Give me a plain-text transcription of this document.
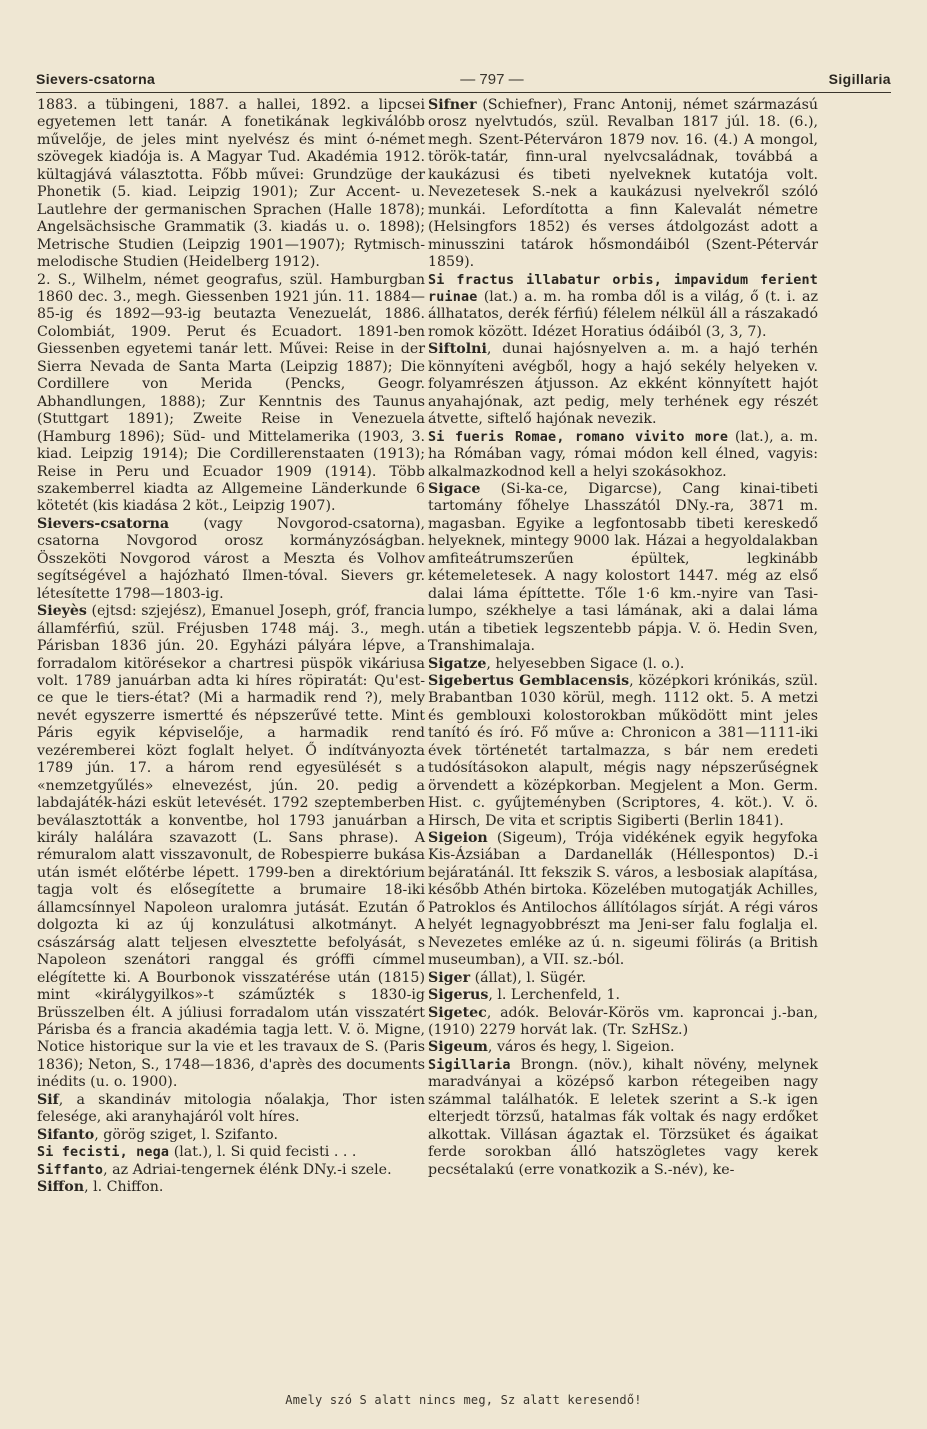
Sievers-csatorna	— 797 —	Sigillaria

1883. a tübingeni, 1887. a hallei, 1892. a lipcsei egyetemen lett tanár. A fonetikának legkiválóbb művelője, de jeles mint nyelvész és mint ó-német szövegek kiadója is. A Magyar Tud. Akadémia 1912. kültagjává választotta. Főbb művei: Grundzüge der Phonetik (5. kiad. Leipzig 1901); Zur Accent- u. Lautlehre der germanischen Sprachen (Halle 1878); Angelsächsische Grammatik (3. kiadás u. o. 1898); Metrische Studien (Leipzig 1901—1907); Rytmisch-melodische Studien (Heidelberg 1912).

2. S., Wilhelm, német geografus, szül. Hamburgban 1860 dec. 3., megh. Giessenben 1921 jún. 11. 1884—85-ig és 1892—93-ig beutazta Venezuelát, 1886. Colombiát, 1909. Perut és Ecuadort. 1891-ben Giessenben egyetemi tanár lett. Művei: Reise in der Sierra Nevada de Santa Marta (Leipzig 1887); Die Cordillere von Merida (Pencks, Geogr. Abhandlungen, 1888); Zur Kenntnis des Taunus (Stuttgart 1891); Zweite Reise in Venezuela (Hamburg 1896); Süd- und Mittelamerika (1903, 3. kiad. Leipzig 1914); Die Cordillerenstaaten (1913); Reise in Peru und Ecuador 1909 (1914). Több szakemberrel kiadta az Allgemeine Länderkunde 6 kötetét (kis kiadása 2 köt., Leipzig 1907).

Sievers-csatorna (vagy Novgorod-csatorna), csatorna Novgorod orosz kormányzóságban. Összeköti Novgorod várost a Meszta és Volhov segítségével a hajózható Ilmen-tóval. Sievers gr. létesítette 1798—1803-ig.

Sieyès (ejtsd: szjejész), Emanuel Joseph, gróf, francia államférfiú, szül. Fréjusben 1748 máj. 3., megh. Párisban 1836 jún. 20. Egyházi pályára lépve, a forradalom kitörésekor a chartresi püspök vikáriusa volt. 1789 januárban adta ki híres röpiratát: Qu'est-ce que le tiers-état? (Mi a harmadik rend ?), mely nevét egyszerre ismertté és népszerűvé tette. Mint Páris egyik képviselője, a harmadik rend vezéremberei közt foglalt helyet. Ő indítványozta 1789 jún. 17. a három rend egyesülését s a «nemzetgyűlés» elnevezést, jún. 20. pedig a labdajáték-házi esküt letevését. 1792 szeptemberben beválasztották a konventbe, hol 1793 januárban a király halálára szavazott (L. Sans phrase). A rémuralom alatt visszavonult, de Robespierre bukása után ismét előtérbe lépett. 1799-ben a direktórium tagja volt és elősegítette a brumaire 18-iki államcsínnyel Napoleon uralomra jutását. Ezután ő dolgozta ki az új konzulátusi alkotmányt. A császárság alatt teljesen elvesztette befolyását, s Napoleon szenátori ranggal és gróffi címmel elégítette ki. A Bourbonok visszatérése után (1815) mint «királygyilkos»-t száműzték s 1830-ig Brüsszelben élt. A júliusi forradalom után visszatért Párisba és a francia akadémia tagja lett. V. ö. Migne, Notice historique sur la vie et les travaux de S. (Paris 1836); Neton, S., 1748—1836, d'après des documents inédits (u. o. 1900).

Sif, a skandináv mitologia nőalakja, Thor isten felesége, aki aranyhajáról volt híres.

Sifanto, görög sziget, l. Szifanto.

Si fecisti, nega (lat.), l. Si quid fecisti . . .

Siffanto, az Adriai-tengernek élénk DNy.-i szele.

Siffon, l. Chiffon.

Sifner (Schiefner), Franc Antonij, német származású orosz nyelvtudós, szül. Revalban 1817 júl. 18. (6.), megh. Szent-Péterváron 1879 nov. 16. (4.) A mongol, török-tatár, finn-ural nyelvcsaládnak, továbbá a kaukázusi és tibeti nyelveknek kutatója volt. Nevezetesek S.-nek a kaukázusi nyelvekről szóló munkái. Lefordította a finn Kalevalát németre (Helsingfors 1852) és verses átdolgozást adott a minusszini tatárok hősmondáiból (Szent-Pétervár 1859).

Si fractus illabatur orbis, impavidum ferient ruinae (lat.) a. m. ha romba dől is a világ, ő (t. i. az állhatatos, derék férfiú) félelem nélkül áll a rászakadó romok között. Idézet Horatius ódáiból (3, 3, 7).

Siftolni, dunai hajósnyelven a. m. a hajó terhén könnyíteni avégből, hogy a hajó sekély helyeken v. folyamrészen átjusson. Az ekként könnyített hajót anyahajónak, azt pedig, mely terhének egy részét átvette, siftelő hajónak nevezik.

Si fueris Romae, romano vivito more (lat.), a. m. ha Rómában vagy, római módon kell élned, vagyis: alkalmazkodnod kell a helyi szokásokhoz.

Sigace (Si-ka-ce, Digarcse), Cang kinai-tibeti tartomány főhelye Lhasszától DNy.-ra, 3871 m. magasban. Egyike a legfontosabb tibeti kereskedő helyeknek, mintegy 9000 lak. Házai a hegyoldalakban amfiteátrumszerűen épültek, legkinább kétemeletesek. A nagy kolostort 1447. még az első dalai láma építtette. Tőle 1·6 km.-nyire van Tasi-lumpo, székhelye a tasi lámának, aki a dalai láma után a tibetiek legszentebb pápja. V. ö. Hedin Sven, Transhimalaja.

Sigatze, helyesebben Sigace (l. o.).

Sigebertus Gemblacensis, középkori krónikás, szül. Brabantban 1030 körül, megh. 1112 okt. 5. A metzi és gemblouxi kolostorokban működött mint jeles tanító és író. Fő műve a: Chronicon a 381—1111-iki évek történetét tartalmazza, s bár nem eredeti tudósításokon alapult, mégis nagy népszerűségnek örvendett a középkorban. Megjelent a Mon. Germ. Hist. c. gyűjteményben (Scriptores, 4. köt.). V. ö. Hirsch, De vita et scriptis Sigiberti (Berlin 1841).

Sigeion (Sigeum), Trója vidékének egyik hegyfoka Kis-Ázsiában a Dardanellák (Héllespontos) D.-i bejáratánál. Itt fekszik S. város, a lesbosiak alapítása, később Athén birtoka. Közelében mutogatják Achilles, Patroklos és Antilochos állítólagos sírját. A régi város helyét legnagyobbrészt ma Jeni-ser falu foglalja el. Nevezetes emléke az ú. n. sigeumi fölirás (a British museumban), a VII. sz.-ból.

Siger (állat), l. Sügér.

Sigerus, l. Lerchenfeld, 1.

Sigetec, adók. Belovár-Körös vm. kaproncai j.-ban, (1910) 2279 horvát lak. (Tr. SzHSz.)

Sigeum, város és hegy, l. Sigeion.

Sigillaria Brongn. (növ.), kihalt növény, melynek maradványai a középső karbon rétegeiben nagy számmal találhatók. E leletek szerint a S.-k igen elterjedt törzsű, hatalmas fák voltak és nagy erdőket alkottak. Villásan ágaztak el. Törzsüket és ágaikat ferde sorokban álló hatszögletes vagy kerek pecsétalakú (erre vonatkozik a S.-név), ke-

Amely szó S alatt nincs meg, Sz alatt keresendő!
